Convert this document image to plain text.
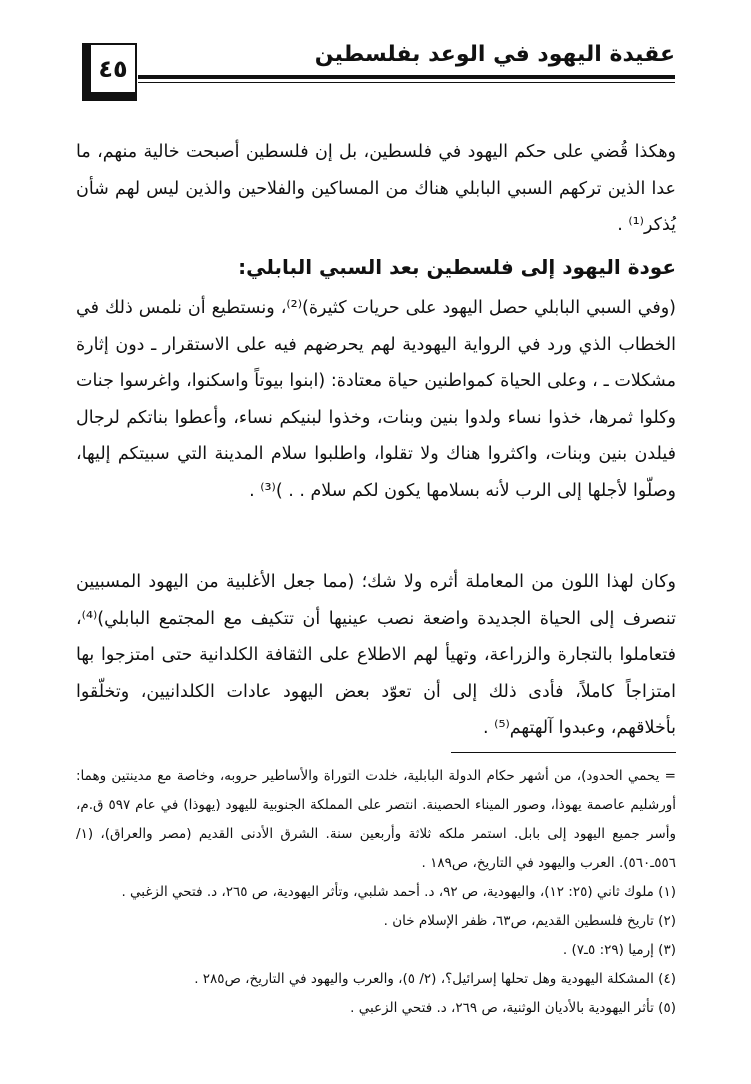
عقيدة اليهود في الوعد بفلسطين
٤٥

وهكذا قُضي على حكم اليهود في فلسطين، بل إن فلسطين أصبحت خالية منهم، ما عدا الذين تركهم السبي البابلي هناك من المساكين والفلاحين والذين ليس لهم شأن يُذكر⁽¹⁾ .

عودة اليهود إلى فلسطين بعد السبي البابلي:

(وفي السبي البابلي حصل اليهود على حريات كثيرة)⁽²⁾، ونستطيع أن نلمس ذلك في الخطاب الذي ورد في الرواية اليهودية لهم يحرضهم فيه على الاستقرار ـ دون إثارة مشكلات ـ ، وعلى الحياة كمواطنين حياة معتادة: (ابنوا بيوتاً واسكنوا، واغرسوا جنات وكلوا ثمرها، خذوا نساء ولدوا بنين وبنات، وخذوا لبنيكم نساء، وأعطوا بناتكم لرجال فيلدن بنين وبنات، واكثروا هناك ولا تقلوا، واطلبوا سلام المدينة التي سبيتكم إليها، وصلّوا لأجلها إلى الرب لأنه بسلامها يكون لكم سلام . . )⁽³⁾ .

وكان لهذا اللون من المعاملة أثره ولا شك؛ (مما جعل الأغلبية من اليهود المسبيين تنصرف إلى الحياة الجديدة واضعة نصب عينيها أن تتكيف مع المجتمع البابلي)⁽⁴⁾، فتعاملوا بالتجارة والزراعة، وتهيأ لهم الاطلاع على الثقافة الكلدانية حتى امتزجوا بها امتزاجاً كاملاً، فأدى ذلك إلى أن تعوّد بعض اليهود عادات الكلدانيين، وتخلّقوا بأخلاقهم، وعبدوا آلهتهم⁽⁵⁾ .

= يحمي الحدود)، من أشهر حكام الدولة البابلية، خلدت التوراة والأساطير حروبه، وخاصة مع مدينتين وهما: أورشليم عاصمة يهوذا، وصور الميناء الحصينة. انتصر على المملكة الجنوبية لليهود (يهوذا) في عام ٥٩٧ ق.م، وأسر جميع اليهود إلى بابل. استمر ملكه ثلاثة وأربعين سنة. الشرق الأدنى القديم (مصر والعراق)، (١/ ٥٥٦ـ٥٦٠). العرب واليهود في التاريخ، ص١٨٩ .

(١) ملوك ثاني (٢٥: ١٢)، واليهودية، ص ٩٢، د. أحمد شلبي، وتأثر اليهودية، ص ٢٦٥، د. فتحي الزغبي .

(٢) تاريخ فلسطين القديم، ص٦٣، ظفر الإسلام خان .

(٣) إرميا (٢٩: ٥ـ٧) .

(٤) المشكلة اليهودية وهل تحلها إسرائيل؟، (٢/ ٥)، والعرب واليهود في التاريخ، ص٢٨٥ .

(٥) تأثر اليهودية بالأديان الوثنية، ص ٢٦٩، د. فتحي الزعبي .
